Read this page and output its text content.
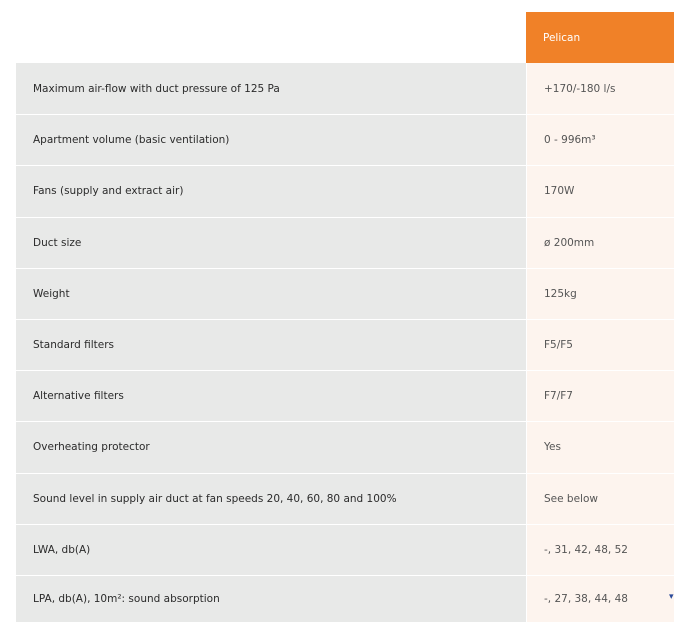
Pelican
Maximum air-flow with duct pressure of 125 Pa	+170/-180 l/s
Apartment volume (basic ventilation)	0 - 996m³
Fans (supply and extract air)	170W
Duct size	ø 200mm
Weight	125kg
Standard filters	F5/F5
Alternative filters	F7/F7
Overheating protector	Yes
Sound level in supply air duct at fan speeds 20, 40, 60, 80 and 100%	See below
LWA, db(A)	-, 31, 42, 48, 52
LPA, db(A), 10m²: sound absorption	-, 27, 38, 44, 48	▾
